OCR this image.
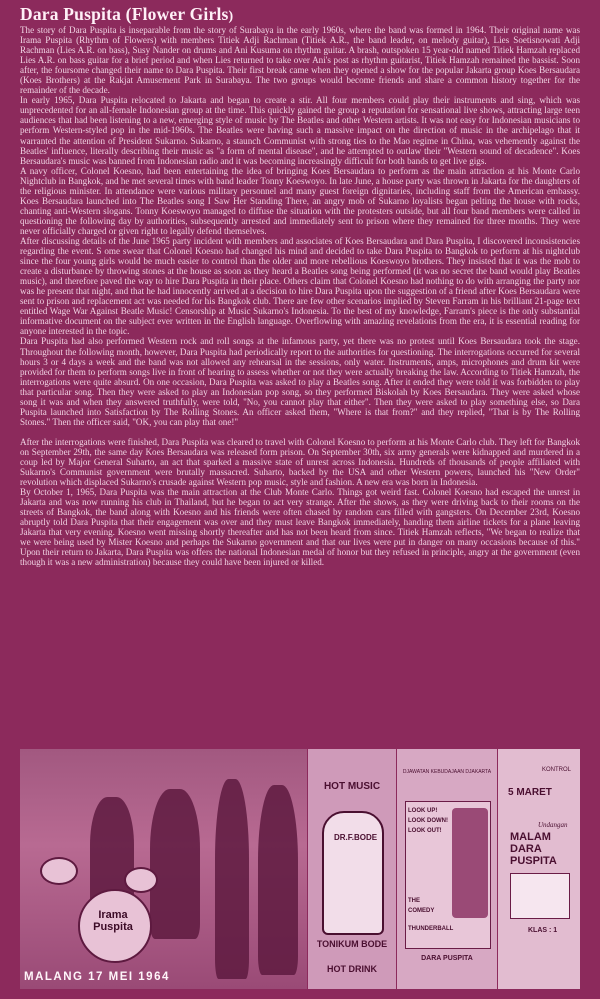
Dara Puspita (Flower Girls)

The story of Dara Puspita is inseparable from the story of Surabaya in the early 1960s, where the band was formed in 1964. Their original name was Irama Puspita (Rhythm of Flowers) with members Titiek Adji Rachman (Titiek A.R., the band leader, on melody guitar), Lies Soetisnowati Adji Rachman (Lies A.R. on bass), Susy Nander on drums and Ani Kusuma on rhythm guitar. A brash, outspoken 15 year-old named Titiek Hamzah replaced Lies A.R. on bass guitar for a brief period and when Lies returned to take over Ani's post as rhythm guitarist, Titiek Hamzah remained the bassist. Soon after, the foursome changed their name to Dara Puspita. Their first break came when they opened a show for the popular Jakarta group Koes Bersaudara (Koes Brothers) at the Rakjat Amusement Park in Surabaya. The two groups would become friends and share a common history together for the remainder of the decade.

In early 1965, Dara Puspita relocated to Jakarta and began to create a stir. All four members could play their instruments and sing, which was unprecedented for an all-female Indonesian group at the time. This quickly gained the group a reputation for sensational live shows, attracting large teen audiences that had been listening to a new, emerging style of music by The Beatles and other Western artists. It was not easy for Indonesian musicians to perform Western-styled pop in the mid-1960s. The Beatles were having such a massive impact on the direction of music in the archipelago that it warranted the attention of President Sukarno. Sukarno, a staunch Communist with strong ties to the Mao regime in China, was vehemently against the Beatles' influence, literally describing their music as "a form of mental disease", and he attempted to outlaw their "Western sound of decadence". Koes Bersaudara's music was banned from Indonesian radio and it was becoming increasingly difficult for both bands to get live gigs.

A navy officer, Colonel Koesno, had been entertaining the idea of bringing Koes Bersaudara to perform as the main attraction at his Monte Carlo Nightclub in Bangkok, and he met several times with band leader Tonny Koeswoyo. In late June, a house party was thrown in Jakarta for the daughters of the religious minister. In attendance were various military personnel and many guest foreign dignitaries, including staff from the American embassy. Koes Bersaudara launched into The Beatles song I Saw Her Standing There, an angry mob of Sukarno loyalists began pelting the house with rocks, chanting anti-Western slogans. Tonny Koeswoyo managed to diffuse the situation with the protesters outside, but all four band members were called in questioning the following day by authorities, subsequently arrested and immediately sent to prison where they remained for three months. They were never officially charged or given right to legally defend themselves.

After discussing details of the June 1965 party incident with members and associates of Koes Bersaudara and Dara Puspita, I discovered inconsistencies regarding the event. S ome swear that Colonel Koesno had changed his mind and decided to take Dara Puspita to Bangkok to perform at his nightclub since the four young girls would be much easier to control than the older and more rebellious Koeswoyo brothers. They insisted that it was the mob to create a disturbance by throwing stones at the house as soon as they heard a Beatles song being performed (it was no secret the band would play Beatles music), and therefore paved the way to hire Dara Puspita in their place. Others claim that Colonel Koesno had nothing to do with arranging the party nor was he present that night, and that he had innocently arrived at a decision to hire Dara Puspita upon the suggestion of a friend after Koes Bersaudara were sent to prison and replacement act was needed for his Bangkok club. There are few other scenarios implied by Steven Farram in his brilliant 21-page text entitled Wage War Against Beatle Music! Censorship at Music Sukarno's Indonesia. To the best of my knowledge, Farram's piece is the only substantial informative document on the subject ever written in the English language. Overflowing with amazing revelations from the era, it is essential reading for anyone interested in the topic.

Dara Puspita had also performed Western rock and roll songs at the infamous party, yet there was no protest until Koes Bersaudara took the stage. Throughout the following month, however, Dara Puspita had periodically report to the authorities for questioning. The interrogations occurred for several hours 3 or 4 days a week and the band was not allowed any rehearsal in the sessions, only water. Instruments, amps, microphones and drum kit were provided for them to perform songs live in front of hearing to assess whether or not they were actually breaking the law. According to Titiek Hamzah, the interrogations were quite absurd. On one occasion, Dara Puspita was asked to play a Beatles song. After it ended they were told it was forbidden to play that particular song. Then they were asked to play an Indonesian pop song, so they performed Biskolah by Koes Bersaudara. They were asked whose song it was and when they answered truthfully, were told, "No, you cannot play that either". Then they were asked to play something else, so Dara Puspita launched into Satisfaction by The Rolling Stones. An officer asked them, "Where is that from?" and they replied, "That is by The Rolling Stones." Then the officer said, "OK, you can play that one!"

After the interrogations were finished, Dara Puspita was cleared to travel with Colonel Koesno to perform at his Monte Carlo club. They left for Bangkok on September 29th, the same day Koes Bersaudara was released form prison. On September 30th, six army generals were kidnapped and murdered in a coup led by Major General Suharto, an act that sparked a massive state of unrest across Indonesia. Hundreds of thousands of people affiliated with Sukarno's Communist government were brutally massacred. Suharto, backed by the USA and other Western powers, launched his "New Order" revolution which displaced Sukarno's crusade against Western pop music, style and fashion. A new era was born in Indonesia.

By October 1, 1965, Dara Puspita was the main attraction at the Club Monte Carlo. Things got weird fast. Colonel Koesno had escaped the unrest in Jakarta and was now running his club in Thailand, but he began to act very strange. After the shows, as they were driving back to their rooms on the streets of Bangkok, the band along with Koesno and his friends were often chased by random cars filled with gangsters. On December 23rd, Koesno abruptly told Dara Puspita that their engagement was over and they must leave Bangkok immediately, handing them airline tickets for a plane leaving Jakarta that very evening. Koesno went missing shortly thereafter and has not been heard from since. Titiek Hamzah reflects, "We began to realize that we were being used by Mister Koesno and perhaps the Sukarno government and that our lives were put in danger on many occasions because of this." Upon their return to Jakarta, Dara Puspita was offers the national Indonesian medal of honor but they refused in principle, angry at the government (even though it was a new administration) because they could have been injured or killed.

Irama Puspita
MALANG 17 MEI 1964
HOT MUSIC
DR.F.BODE
TONIKUM BODE
HOT DRINK
DJAWATAN KEBUDAJAAN DJAKARTA
LOOK UP!
LOOK DOWN!
LOOK OUT!
THE
COMEDY
THUNDERBALL
DARA PUSPITA
KONTROL
5 MARET
Undangan
MALAM DARA PUSPITA
KLAS : 1
